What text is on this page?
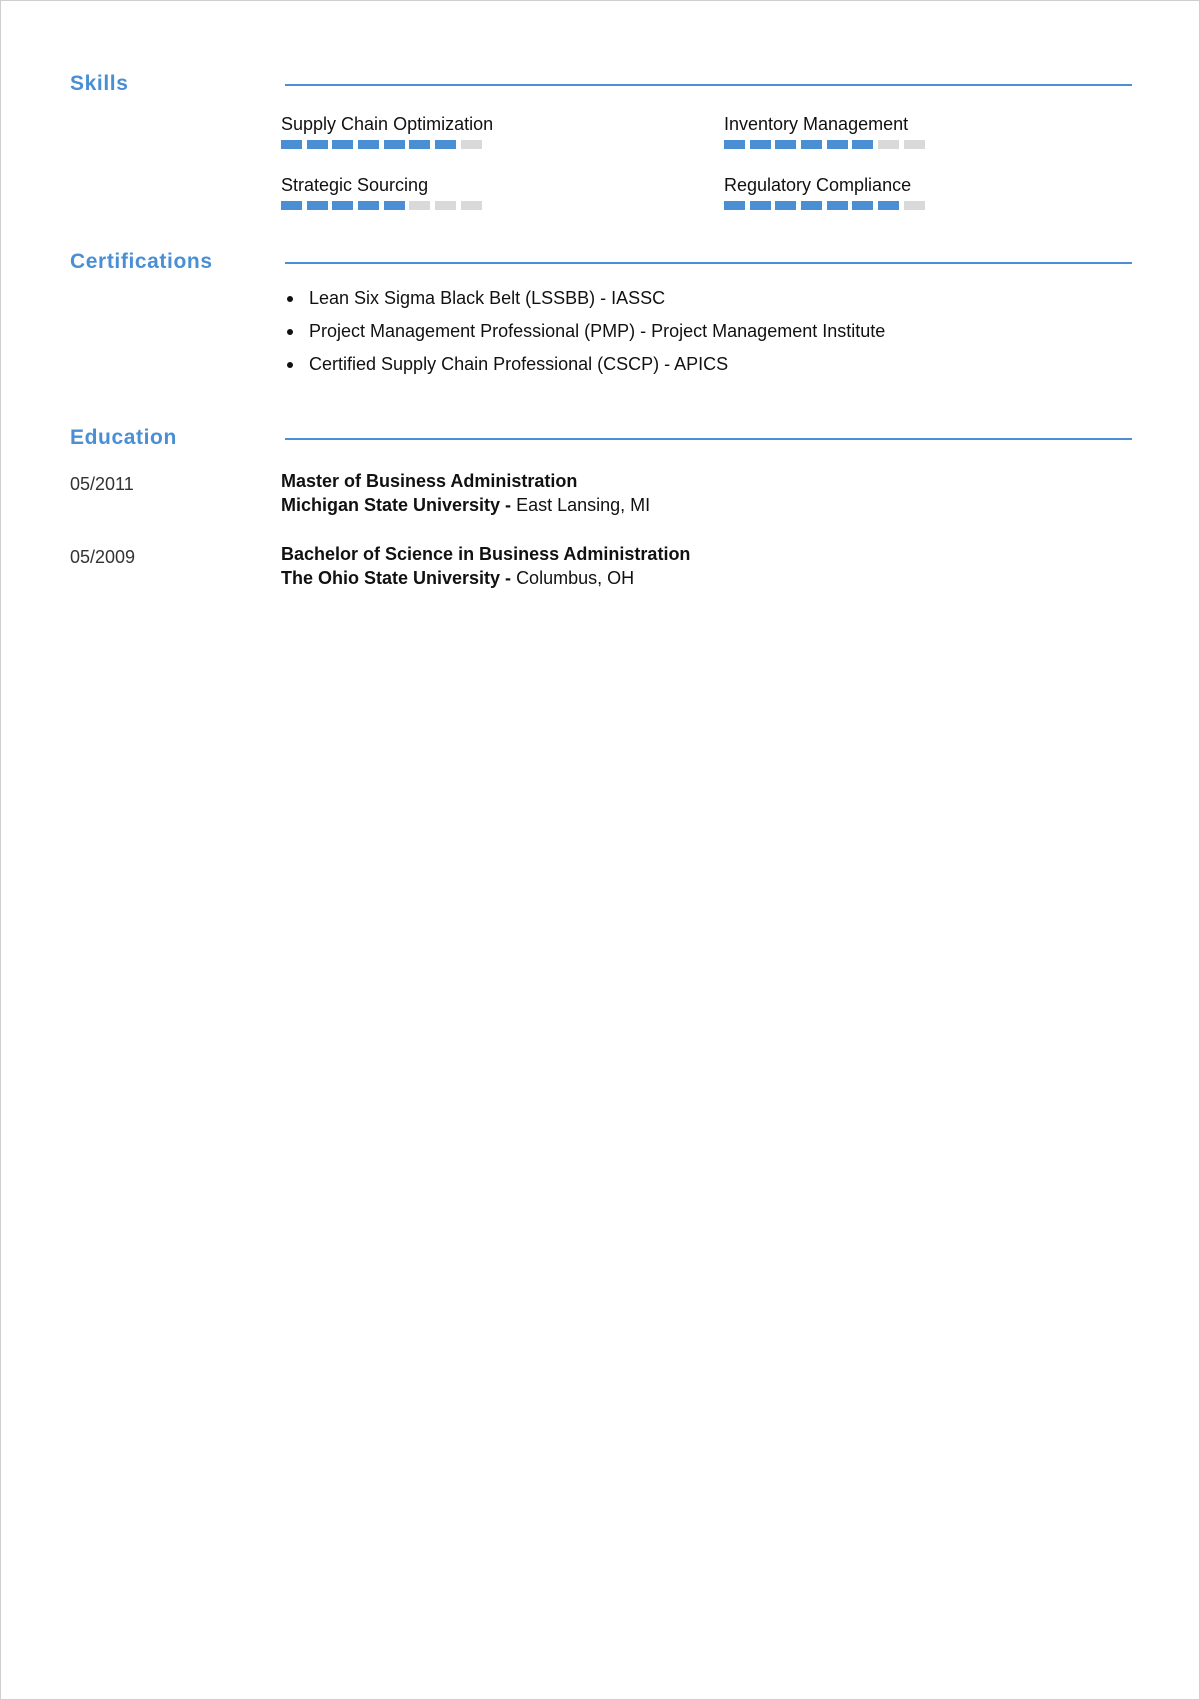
Skills
Supply Chain Optimization	Inventory Management
Strategic Sourcing	Regulatory Compliance
Certifications
Lean Six Sigma Black Belt (LSSBB) - IASSC
Project Management Professional (PMP) - Project Management Institute
Certified Supply Chain Professional (CSCP) - APICS
Education
05/2011	Master of Business Administration
Michigan State University - East Lansing, MI
05/2009	Bachelor of Science in Business Administration
The Ohio State University - Columbus, OH
